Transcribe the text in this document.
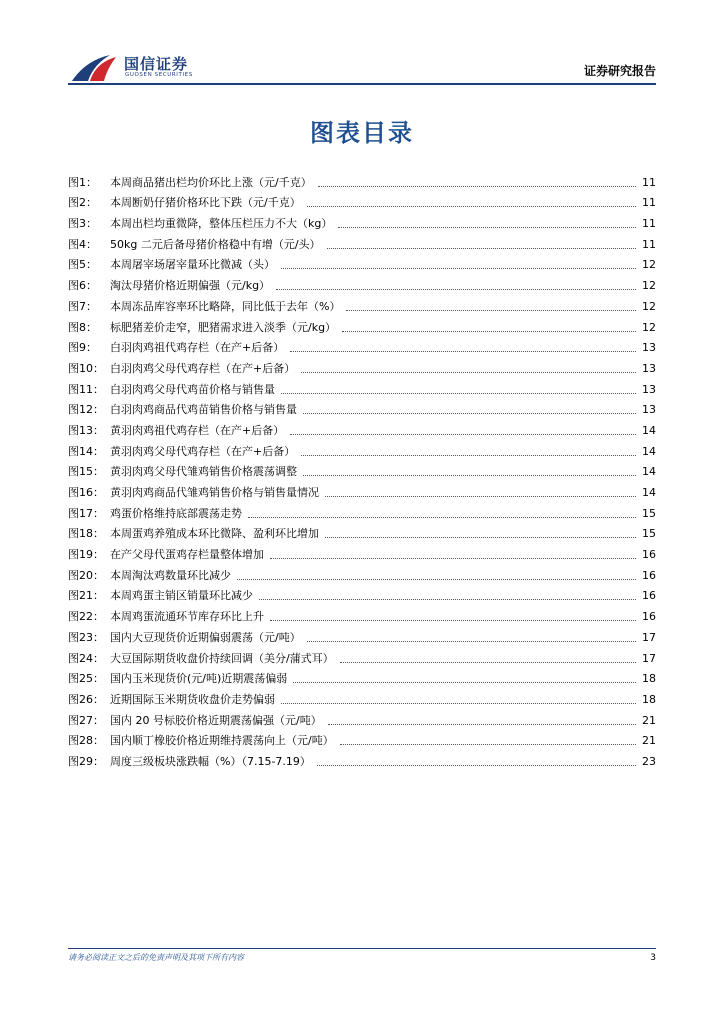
国信证券
GUOSEN SECURITIES	证券研究报告
图表目录
图1：	本周商品猪出栏均价环比上涨（元/千克）	11
图2：	本周断奶仔猪价格环比下跌（元/千克）	11
图3：	本周出栏均重微降，整体压栏压力不大（kg）	11
图4：	50kg 二元后备母猪价格稳中有增（元/头）	11
图5：	本周屠宰场屠宰量环比微减（头）	12
图6：	淘汰母猪价格近期偏强（元/kg）	12
图7：	本周冻品库容率环比略降，同比低于去年（%）	12
图8：	标肥猪差价走窄，肥猪需求进入淡季（元/kg）	12
图9：	白羽肉鸡祖代鸡存栏（在产+后备）	13
图10： 白羽肉鸡父母代鸡存栏（在产+后备）	13
图11： 白羽肉鸡父母代鸡苗价格与销售量	13
图12： 白羽肉鸡商品代鸡苗销售价格与销售量	13
图13： 黄羽肉鸡祖代鸡存栏（在产+后备）	14
图14： 黄羽肉鸡父母代鸡存栏（在产+后备）	14
图15： 黄羽肉鸡父母代雏鸡销售价格震荡调整	14
图16： 黄羽肉鸡商品代雏鸡销售价格与销售量情况	14
图17： 鸡蛋价格维持底部震荡走势	15
图18： 本周蛋鸡养殖成本环比微降、盈利环比增加	15
图19： 在产父母代蛋鸡存栏量整体增加	16
图20： 本周淘汰鸡数量环比减少	16
图21： 本周鸡蛋主销区销量环比减少	16
图22： 本周鸡蛋流通环节库存环比上升	16
图23： 国内大豆现货价近期偏弱震荡（元/吨）	17
图24： 大豆国际期货收盘价持续回调（美分/蒲式耳）	17
图25： 国内玉米现货价(元/吨)近期震荡偏弱	18
图26： 近期国际玉米期货收盘价走势偏弱	18
图27： 国内 20 号标胶价格近期震荡偏强（元/吨）	21
图28： 国内顺丁橡胶价格近期维持震荡向上（元/吨）	21
图29： 周度三级板块涨跌幅（%）（7.15-7.19）	23
请务必阅读正文之后的免责声明及其项下所有内容	3
